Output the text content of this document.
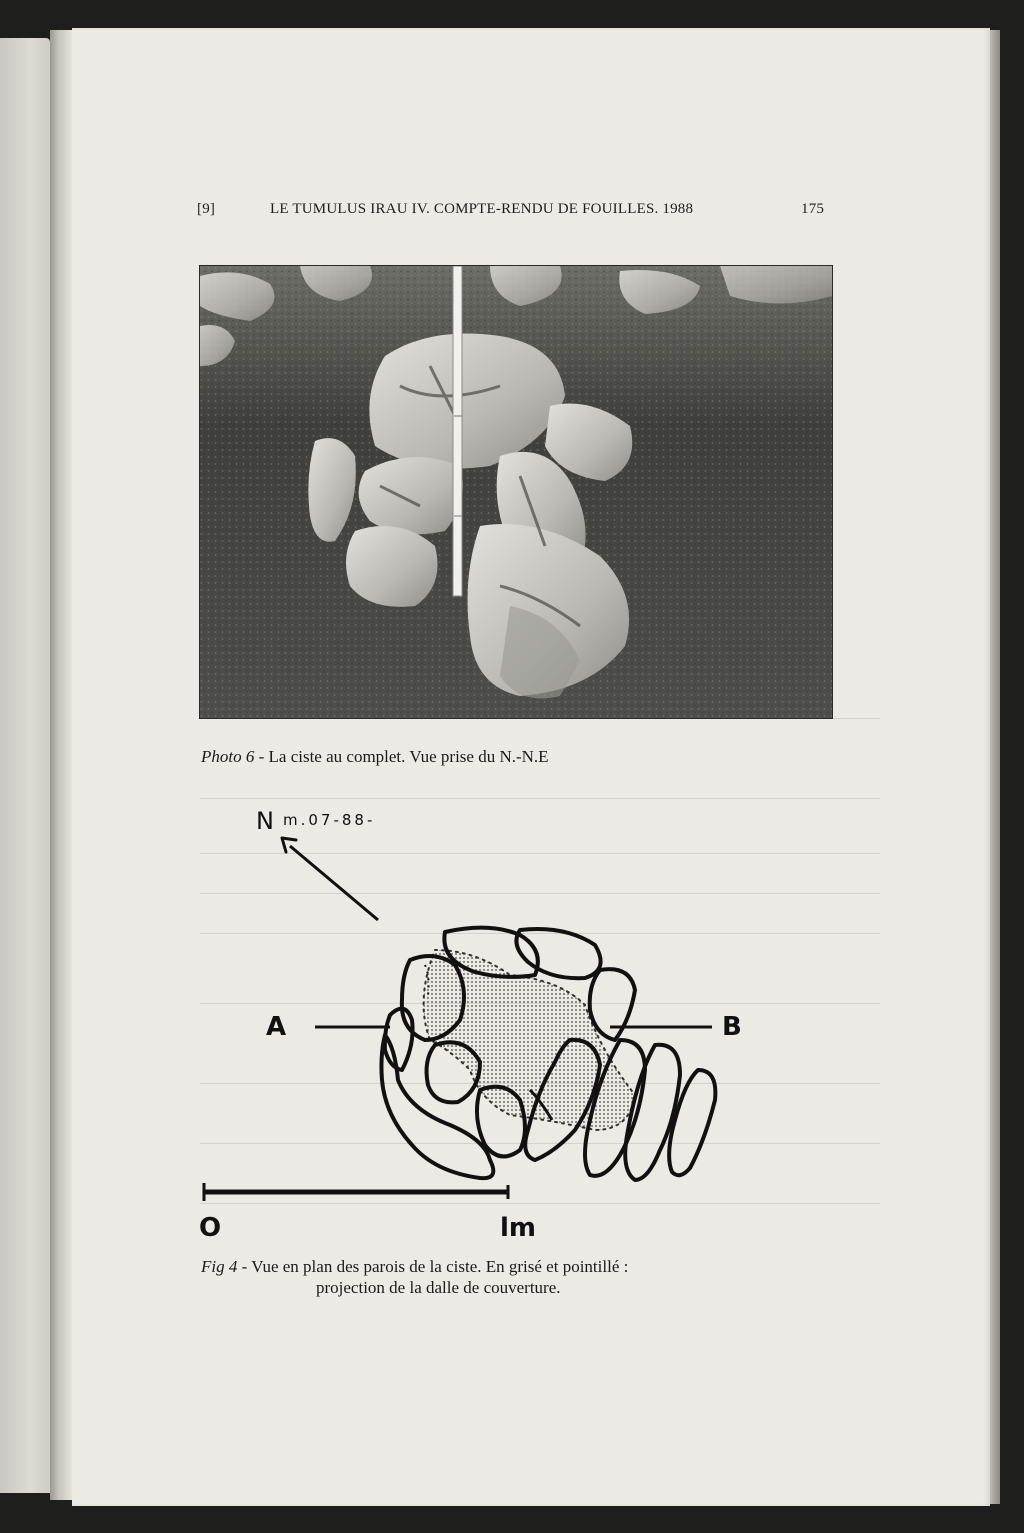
[9]	LE TUMULUS IRAU IV. COMPTE-RENDU DE FOUILLES. 1988	175
Photo 6 - La ciste au complet. Vue prise du N.-N.E
N m.07-88-
A	B
O	lm
Fig 4 - Vue en plan des parois de la ciste. En grisé et pointillé :
projection de la dalle de couverture.
